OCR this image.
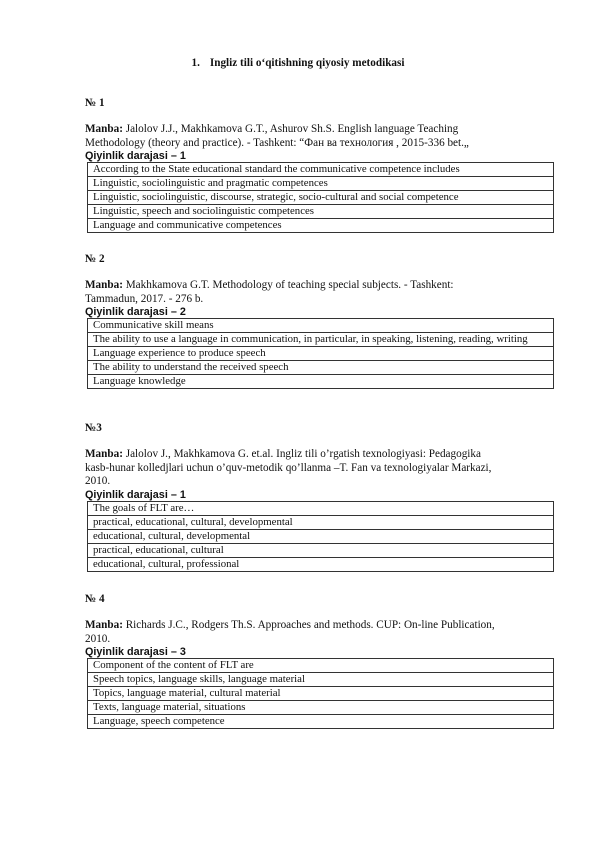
1. Ingliz tili o‘qitishning qiyosiy metodikasi
№ 1
Manba: Jalolov J.J., Makhkamova G.T., Ashurov Sh.S. English language Teaching Methodology (theory and practice). - Tashkent: “Фан ва технология , 2015-336 bet.„
Qiyinlik darajasi – 1
According to the State educational standard the communicative competence includes
Linguistic, sociolinguistic and pragmatic competences
Linguistic, sociolinguistic, discourse, strategic, socio-cultural and social competence
Linguistic, speech and sociolinguistic competences
Language and communicative competences
№ 2
Manba: Makhkamova G.T. Methodology of teaching special subjects. - Tashkent: Tammadun, 2017. - 276 b.
Qiyinlik darajasi – 2
Communicative skill means
The ability to use a language in communication, in particular, in speaking, listening, reading, writing
Language experience to produce speech
The ability to understand the received speech
Language knowledge
№3
Manba: Jalolov J., Makhkamova G. et.al. Ingliz tili o’rgatish texnologiyasi: Pedagogika kasb-hunar kolledjlari uchun o’quv-metodik qo’llanma –T. Fan va texnologiyalar Markazi, 2010.
Qiyinlik darajasi – 1
The goals of FLT are…
practical, educational, cultural, developmental
educational, cultural, developmental
practical, educational, cultural
educational, cultural, professional
№ 4
Manba: Richards J.C., Rodgers Th.S. Approaches and methods. CUP: On-line Publication, 2010.
Qiyinlik darajasi – 3
Component of the content of FLT are
Speech topics, language skills, language material
Topics, language material, cultural material
Texts, language material, situations
Language, speech competence
